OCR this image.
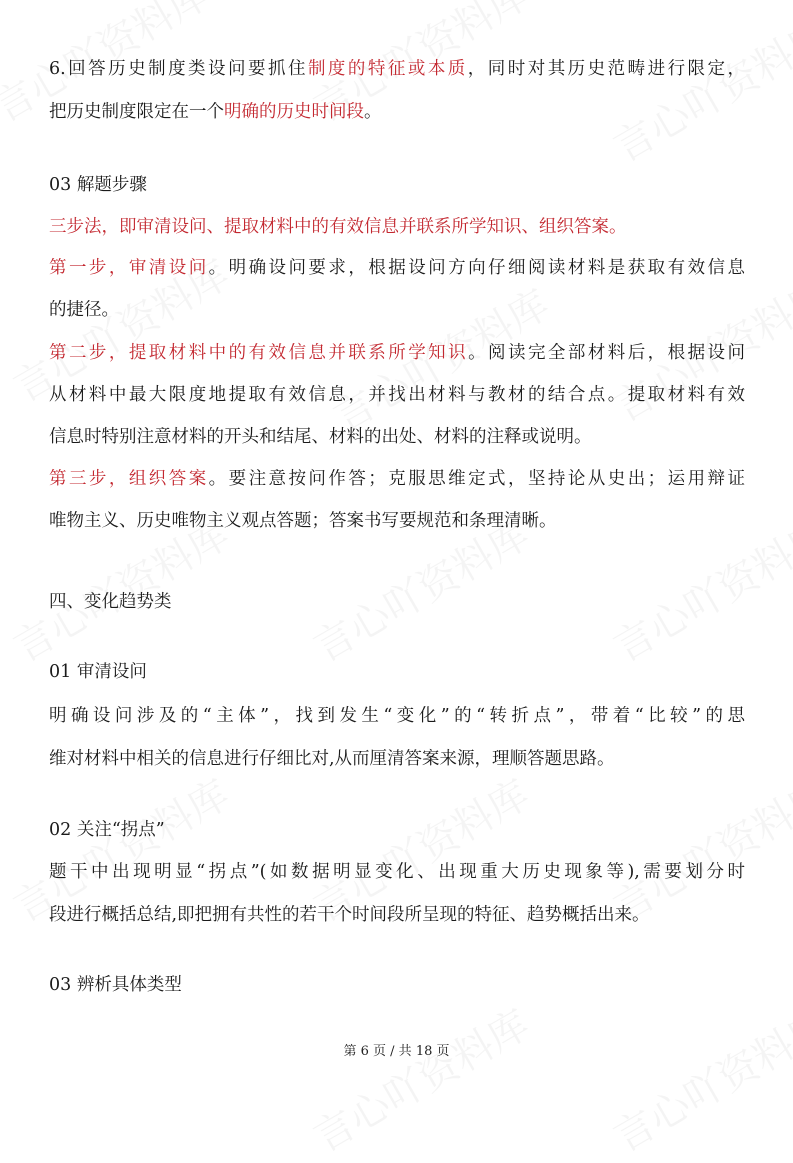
6.回答历史制度类设问要抓住制度的特征或本质，同时对其历史范畴进行限定，
把历史制度限定在一个明确的历史时间段。
03 解题步骤
三步法，即审清设问、提取材料中的有效信息并联系所学知识、组织答案。
第一步，审清设问。明确设问要求，根据设问方向仔细阅读材料是获取有效信息
的捷径。
第二步，提取材料中的有效信息并联系所学知识。阅读完全部材料后，根据设问
从材料中最大限度地提取有效信息，并找出材料与教材的结合点。提取材料有效
信息时特别注意材料的开头和结尾、材料的出处、材料的注释或说明。
第三步，组织答案。要注意按问作答；克服思维定式，坚持论从史出；运用辩证
唯物主义、历史唯物主义观点答题；答案书写要规范和条理清晰。
四、变化趋势类
01 审清设问
明确设问涉及的“主体”，找到发生“变化”的“转折点”，带着“比较”的思
维对材料中相关的信息进行仔细比对,从而厘清答案来源，理顺答题思路。
02 关注“拐点”
题干中出现明显“拐点”(如数据明显变化、出现重大历史现象等),需要划分时
段进行概括总结,即把拥有共性的若干个时间段所呈现的特征、趋势概括出来。
03 辨析具体类型
第 6 页 / 共 18 页
